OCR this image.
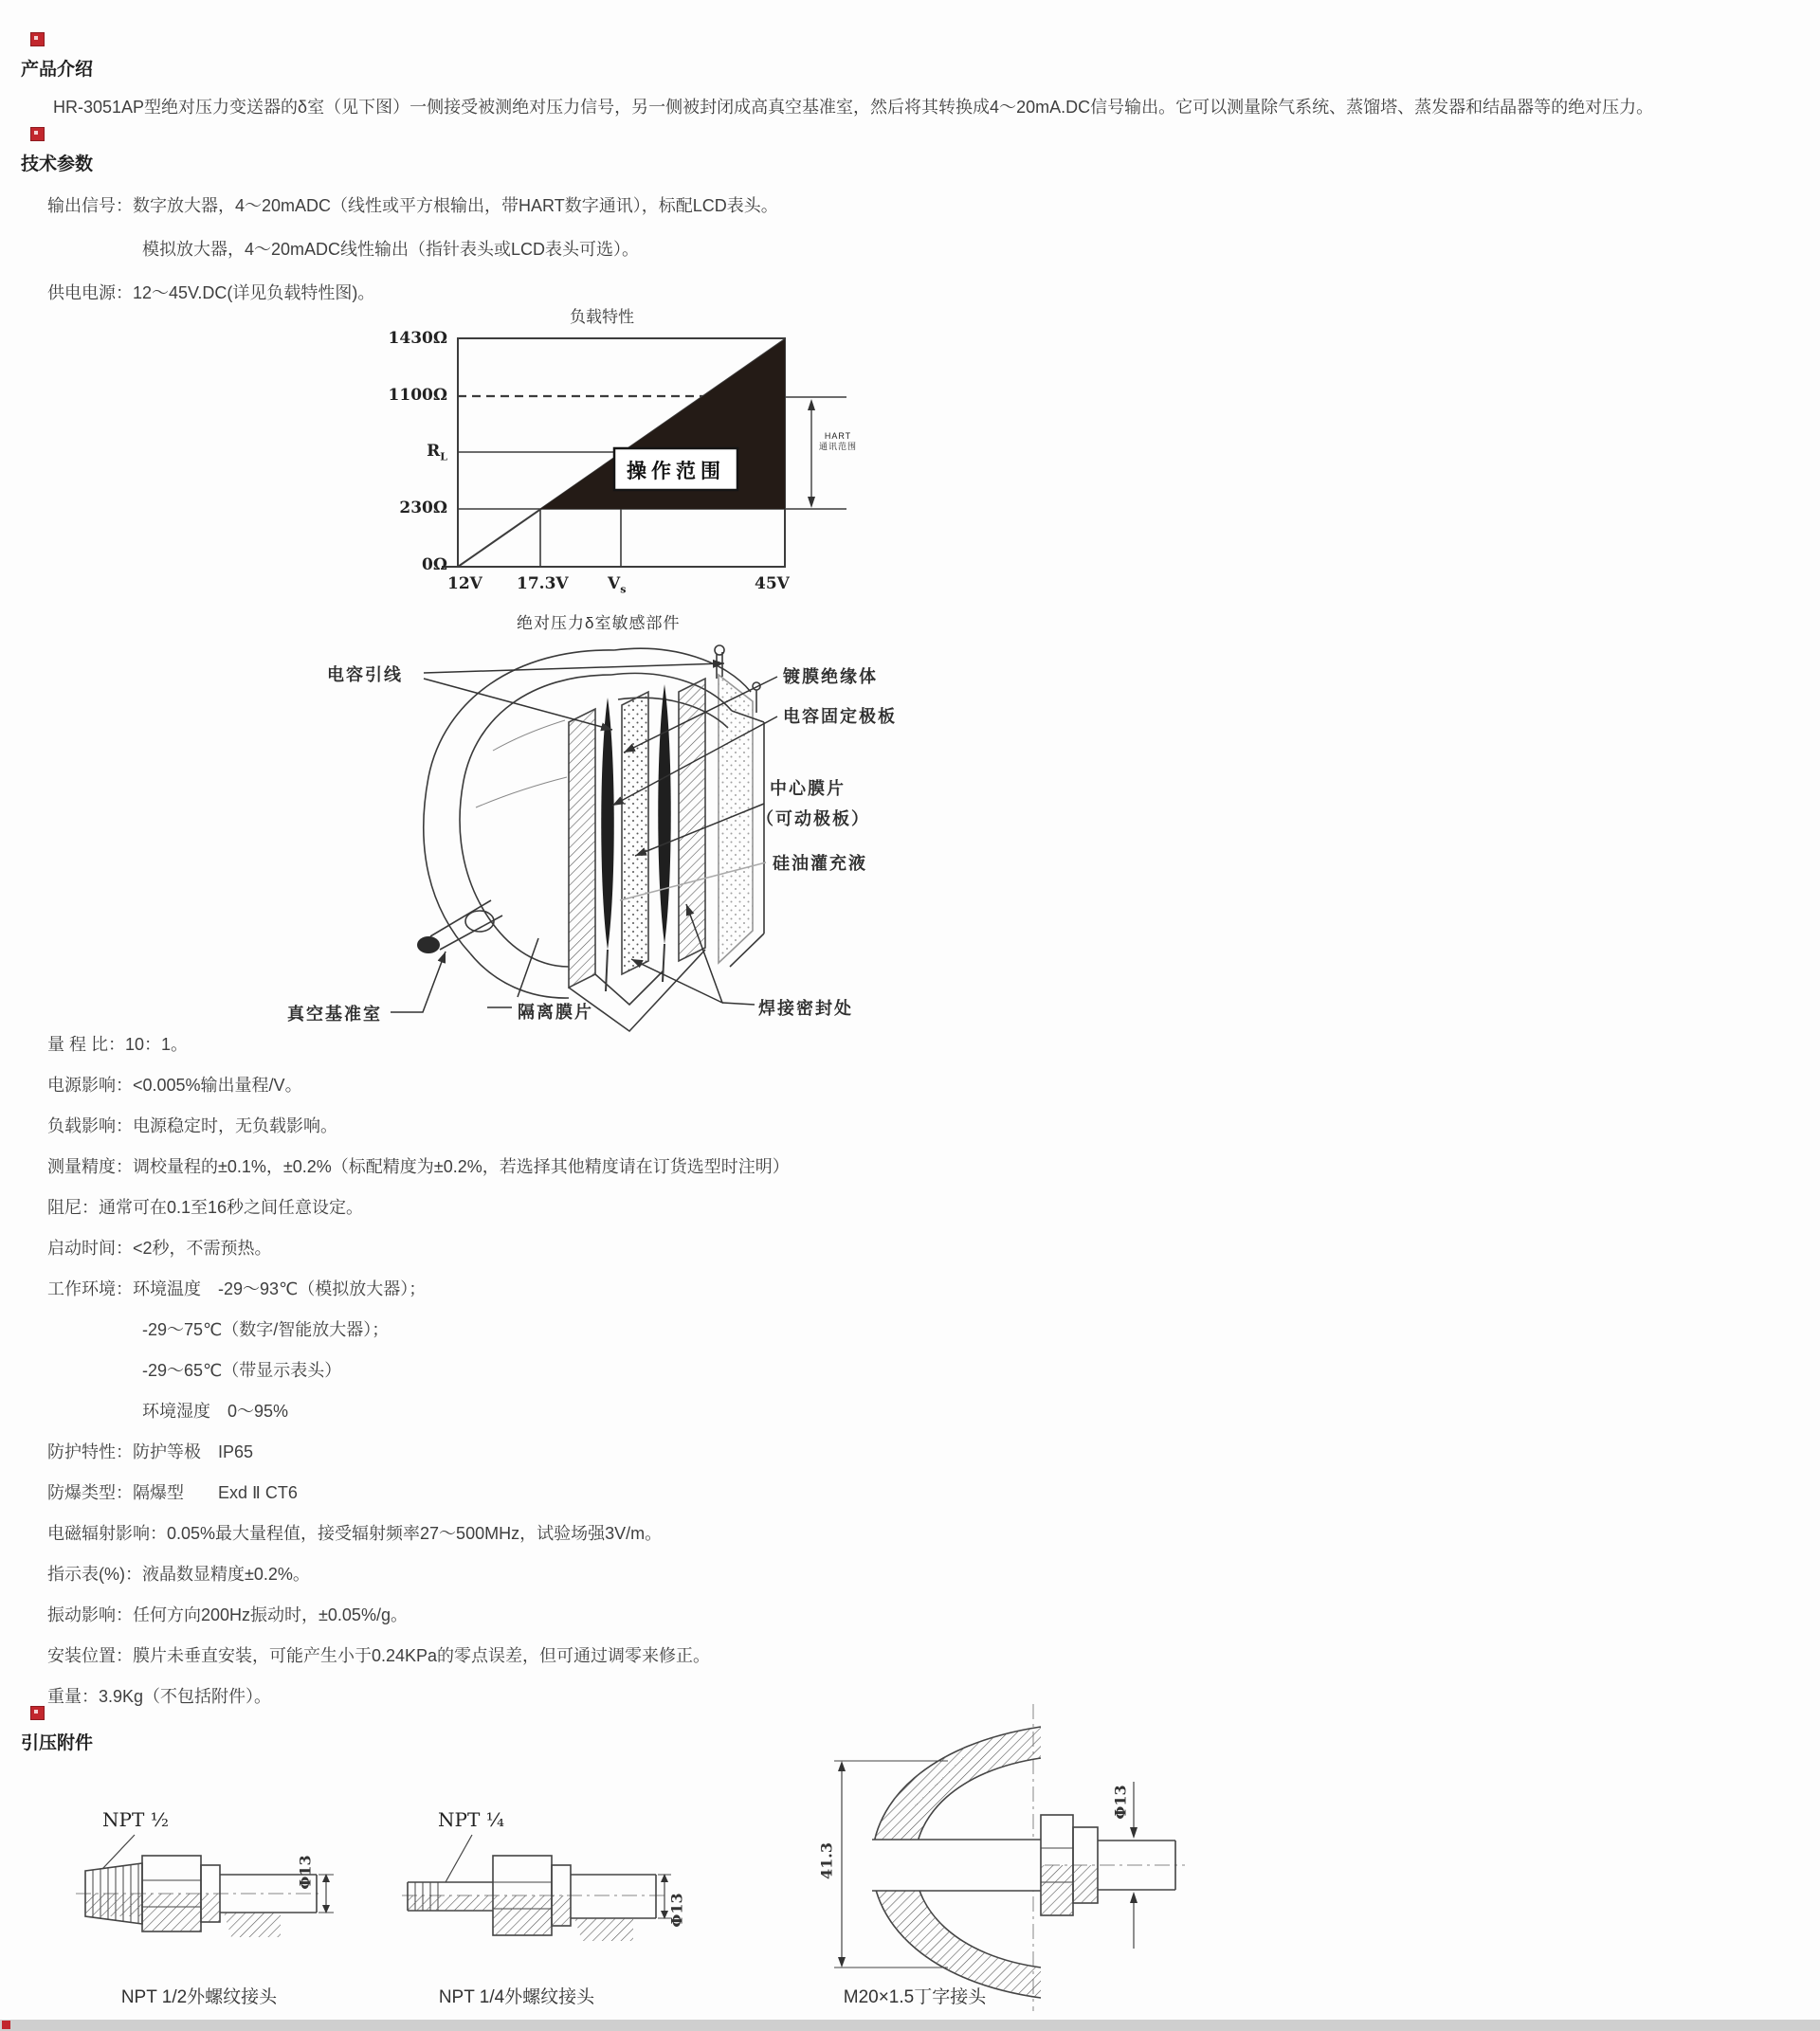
产品介绍
HR-3051AP型绝对压力变送器的δ室（见下图）一侧接受被测绝对压力信号，另一侧被封闭成高真空基准室，然后将其转换成4～20mA.DC信号输出。它可以测量除气系统、蒸馏塔、蒸发器和结晶器等的绝对压力。
技术参数
输出信号：数字放大器，4～20mADC（线性或平方根输出，带HART数字通讯），标配LCD表头。
模拟放大器，4～20mADC线性输出（指针表头或LCD表头可选）。
供电电源：12～45V.DC(详见负载特性图)。
负载特性
1430Ω
1100Ω
$R_L$
230Ω
0Ω
12V 17.3V $V_s$	45V
操作范围
HART
通讯范围
绝对压力δ室敏感部件
电容引线	镀膜绝缘体
电容固定极板
中心膜片
（可动极板）
硅油灌充液
真空基准室	隔离膜片	焊接密封处
量 程 比：10：1。
电源影响：<0.005%输出量程/V。
负载影响：电源稳定时，无负载影响。
测量精度：调校量程的±0.1%，±0.2%（标配精度为±0.2%，若选择其他精度请在订货选型时注明）
阻尼：通常可在0.1至16秒之间任意设定。
启动时间：<2秒，不需预热。
工作环境：环境温度　-29～93℃（模拟放大器）；
-29～75℃（数字/智能放大器）；
-29～65℃（带显示表头）
环境湿度　0～95%
防护特性：防护等极　IP65
防爆类型：隔爆型　　Exd Ⅱ CT6
电磁辐射影响：0.05%最大量程值，接受辐射频率27～500MHz，试验场强3V/m。
指示表(%)：液晶数显精度±0.2%。
振动影响：任何方向200Hz振动时，±0.05%/g。
安装位置：膜片未垂直安装，可能产生小于0.24KPa的零点误差，但可通过调零来修正。
重量：3.9Kg（不包括附件）。
引压附件
NPT ½
Φ13
NPT 1/2外螺纹接头
NPT ¼
Φ13
NPT 1/4外螺纹接头
41.3
Φ13
M20×1.5丁字接头
